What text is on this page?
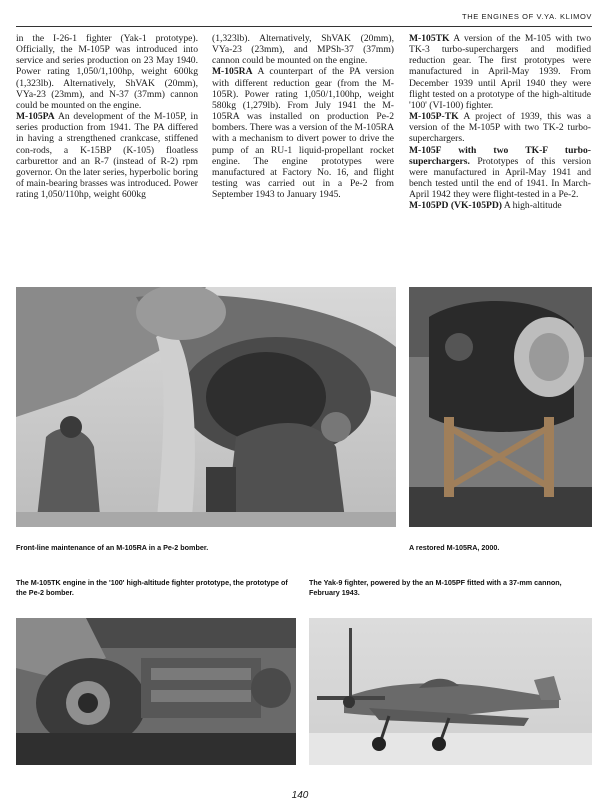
THE ENGINES OF V.YA. KLIMOV

in the I-26-1 fighter (Yak-1 prototype). Officially, the M-105P was introduced into service and series production on 23 May 1940. Power rating 1,050/1,100hp, weight 600kg (1,323lb). Alternatively, ShVAK (20mm), VYa-23 (23mm), and N-37 (37mm) cannon could be mounted on the engine.

M-105PA An development of the M-105P, in series production from 1941. The PA differed in having a strengthened crankcase, stiffened con-rods, a K-15BP (K-105) floatless carburettor and an R-7 (instead of R-2) rpm governor. On the later series, hyperbolic boring of main-bearing brasses was introduced. Power rating 1,050/110hp, weight 600kg

(1,323lb). Alternatively, ShVAK (20mm), VYa-23 (23mm), and MPSh-37 (37mm) cannon could be mounted on the engine.

M-105RA A counterpart of the PA version with different reduction gear (from the M-105R). Power rating 1,050/1,100hp, weight 580kg (1,279lb). From July 1941 the M-105RA was installed on production Pe-2 bombers. There was a version of the M-105RA with a mechanism to divert power to drive the pump of an RU-1 liquid-propellant rocket engine. The engine prototypes were manufactured at Factory No. 16, and flight testing was carried out in a Pe-2 from September 1943 to January 1945.

M-105TK A version of the M-105 with two TK-3 turbo-superchargers and modified reduction gear. The first prototypes were manufactured in April-May 1939. From December 1939 until April 1940 they were flight tested on a prototype of the high-altitude '100' (VI-100) fighter.

M-105P-TK A project of 1939, this was a version of the M-105P with two TK-2 turbo-superchargers.

M-105F with two TK-F turbo-superchargers. Prototypes of this version were manufactured in April-May 1941 and bench tested until the end of 1941. In March-April 1942 they were flight-tested in a Pe-2.

M-105PD (VK-105PD) A high-altitude

Front-line maintenance of an M-105RA in a Pe-2 bomber.	A restored M-105RA, 2000.
The M-105TK engine in the '100' high-altitude fighter prototype, the prototype of the Pe-2 bomber.
The Yak-9 fighter, powered by the an M-105PF fitted with a 37-mm cannon, February 1943.
140
